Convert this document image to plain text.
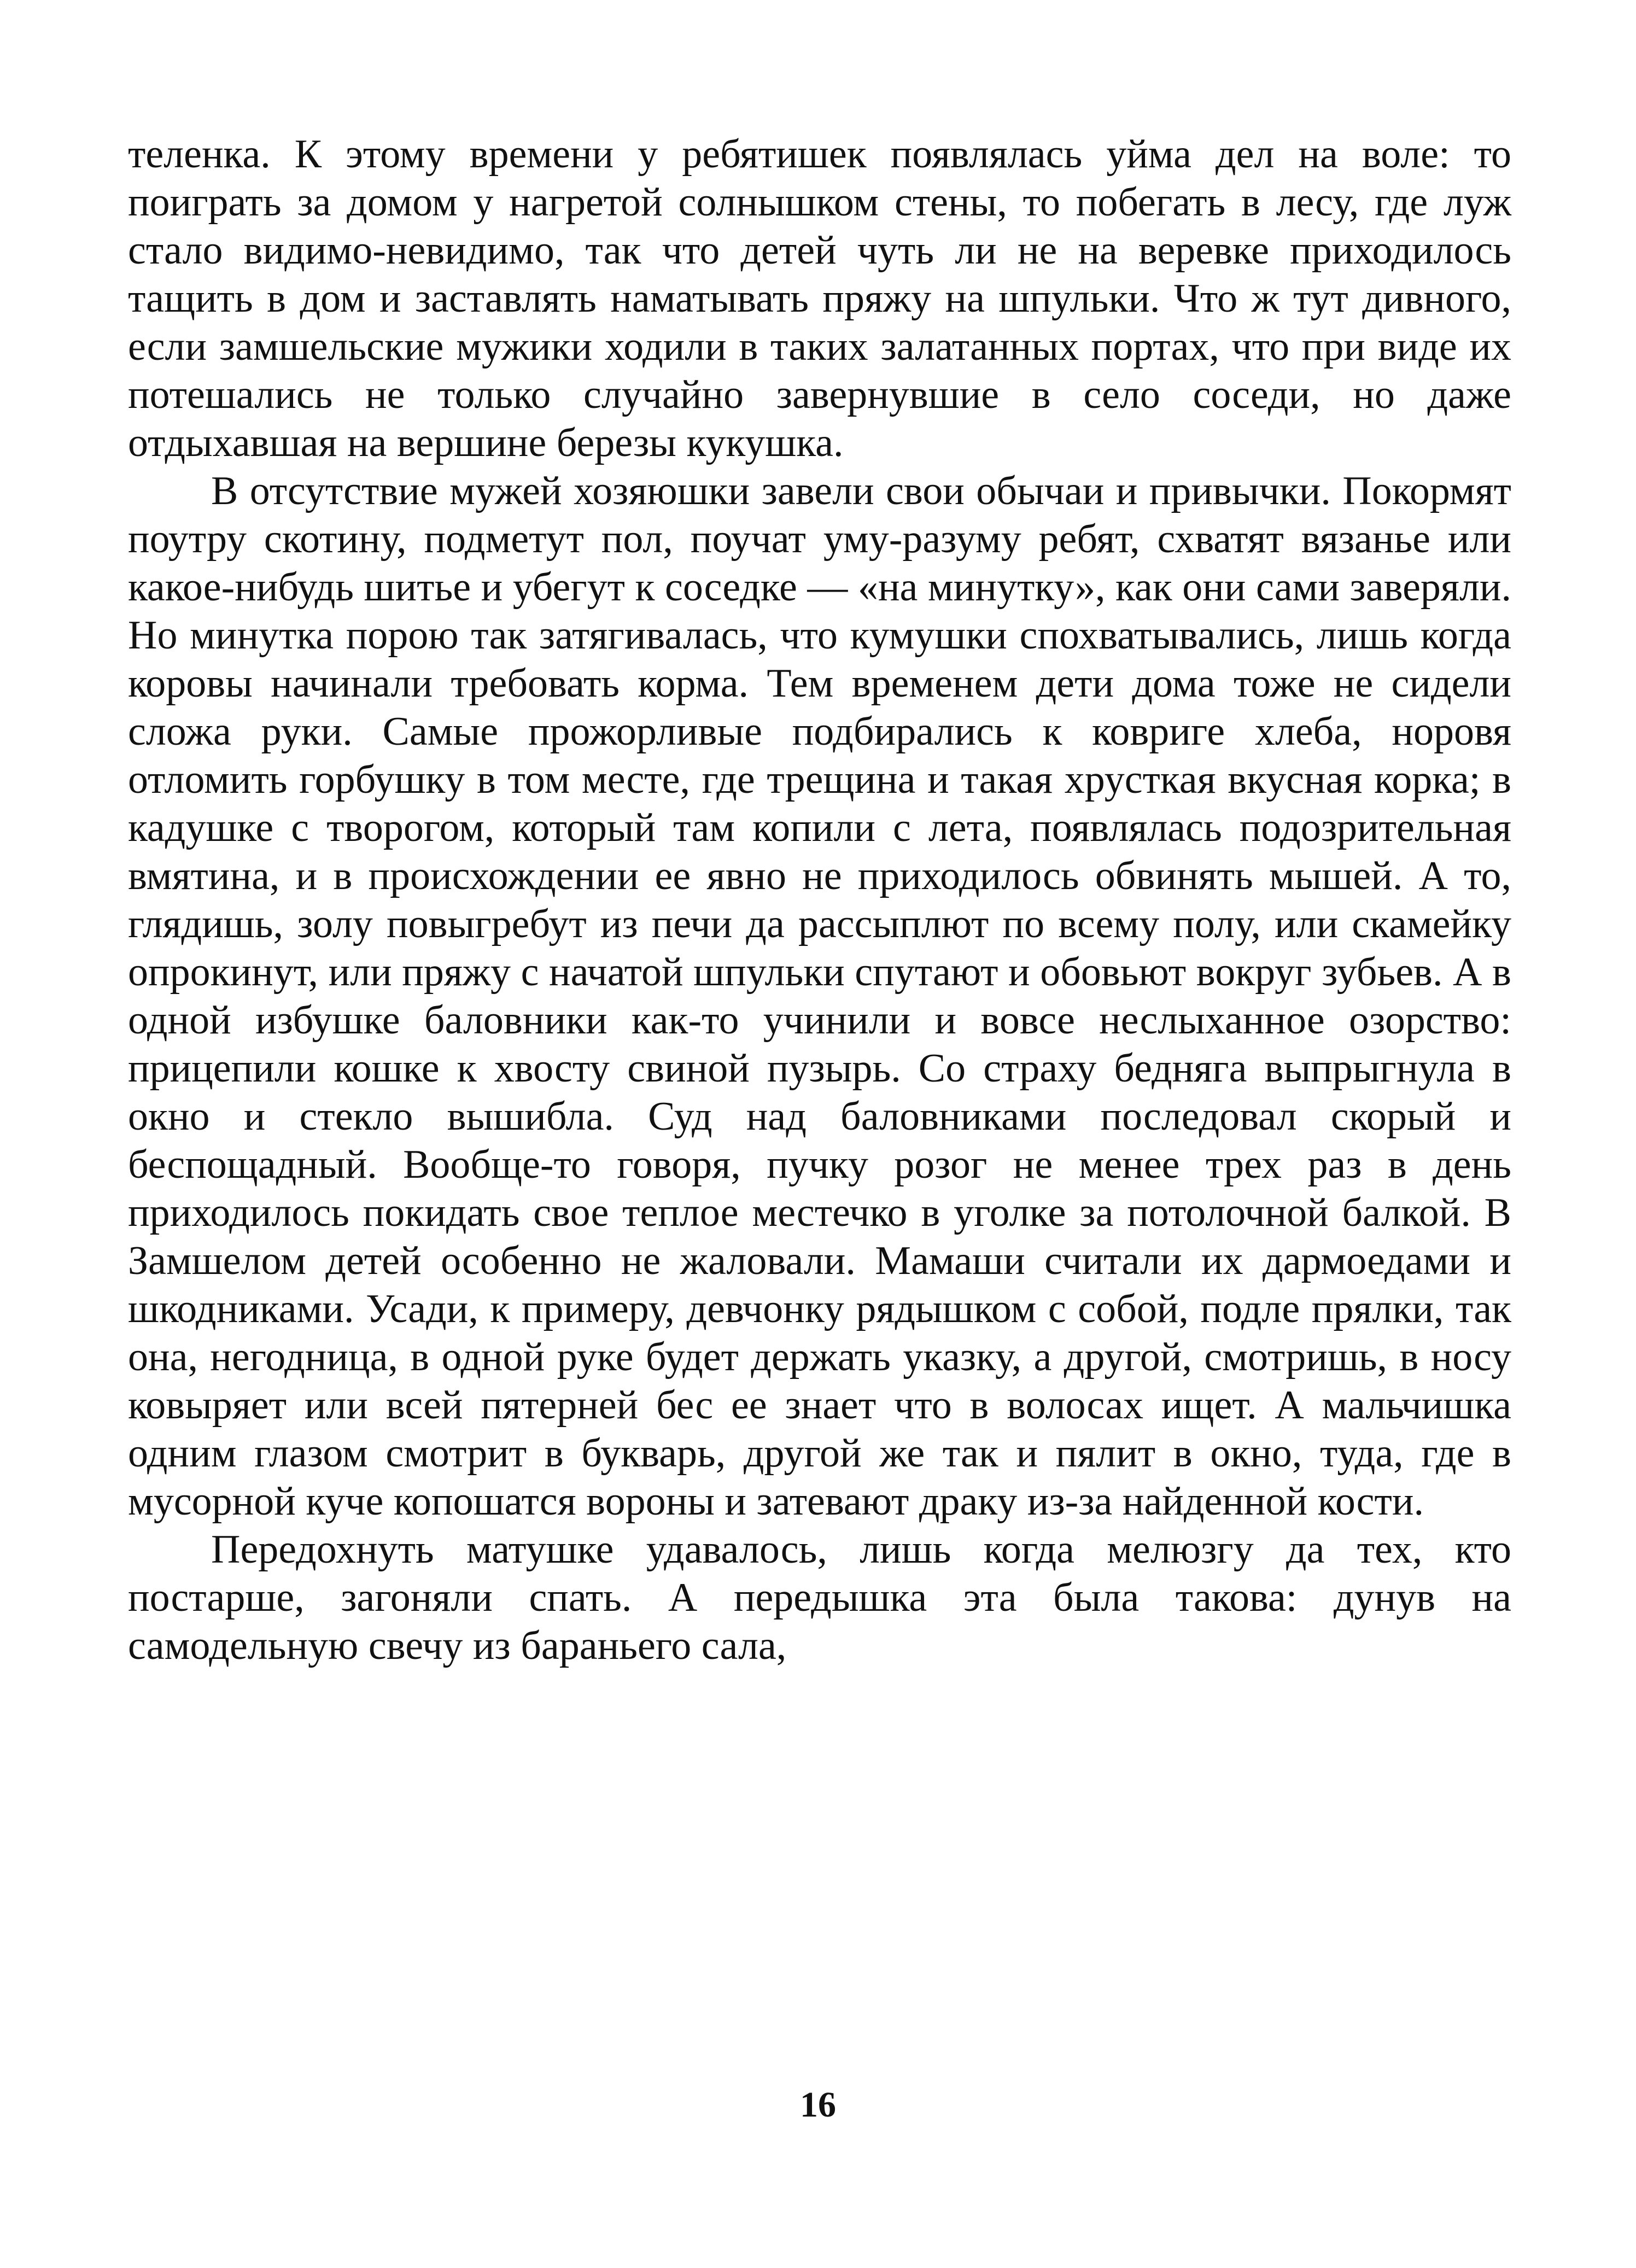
теленка. К этому времени у ребятишек появлялась уйма дел на воле: то поиграть за домом у нагретой солнышком стены, то побегать в лесу, где луж стало видимо-невидимо, так что детей чуть ли не на веревке приходилось тащить в дом и заставлять наматывать пряжу на шпульки. Что ж тут дивного, если замшельские мужики ходили в таких залатанных портах, что при виде их потешались не только случайно завернувшие в село соседи, но даже отдыхавшая на вершине березы кукушка.

В отсутствие мужей хозяюшки завели свои обычаи и привычки. Покормят поутру скотину, подметут пол, поучат уму-разуму ребят, схватят вязанье или какое-нибудь шитье и убегут к соседке — «на минутку», как они сами заверяли. Но минутка порою так затягивалась, что кумушки спохватывались, лишь когда коровы начинали требовать корма. Тем временем дети дома тоже не сидели сложа руки. Самые прожорливые подбирались к ковриге хлеба, норовя отломить горбушку в том месте, где трещина и такая хрусткая вкусная корка; в кадушке с творогом, который там копили с лета, появлялась подозрительная вмятина, и в происхождении ее явно не приходилось обвинять мышей. А то, глядишь, золу повыгребут из печи да рассыплют по всему полу, или скамейку опрокинут, или пряжу с начатой шпульки спутают и обовьют вокруг зубьев. А в одной избушке баловники как-то учинили и вовсе неслыханное озорство: прицепили кошке к хвосту свиной пузырь. Со страху бедняга выпрыгнула в окно и стекло вышибла. Суд над баловниками последовал скорый и беспощадный. Вообще-то говоря, пучку розог не менее трех раз в день приходилось покидать свое теплое местечко в уголке за потолочной балкой. В Замшелом детей особенно не жаловали. Мамаши считали их дармоедами и шкодниками. Усади, к примеру, девчонку рядышком с собой, подле прялки, так она, негодница, в одной руке будет держать указку, а другой, смотришь, в носу ковыряет или всей пятерней бес ее знает что в волосах ищет. А мальчишка одним глазом смотрит в букварь, другой же так и пялит в окно, туда, где в мусорной куче копошатся вороны и затевают драку из-за найденной кости.

Передохнуть матушке удавалось, лишь когда мелюзгу да тех, кто постарше, загоняли спать. А передышка эта была такова: дунув на самодельную свечу из бараньего сала,

16
